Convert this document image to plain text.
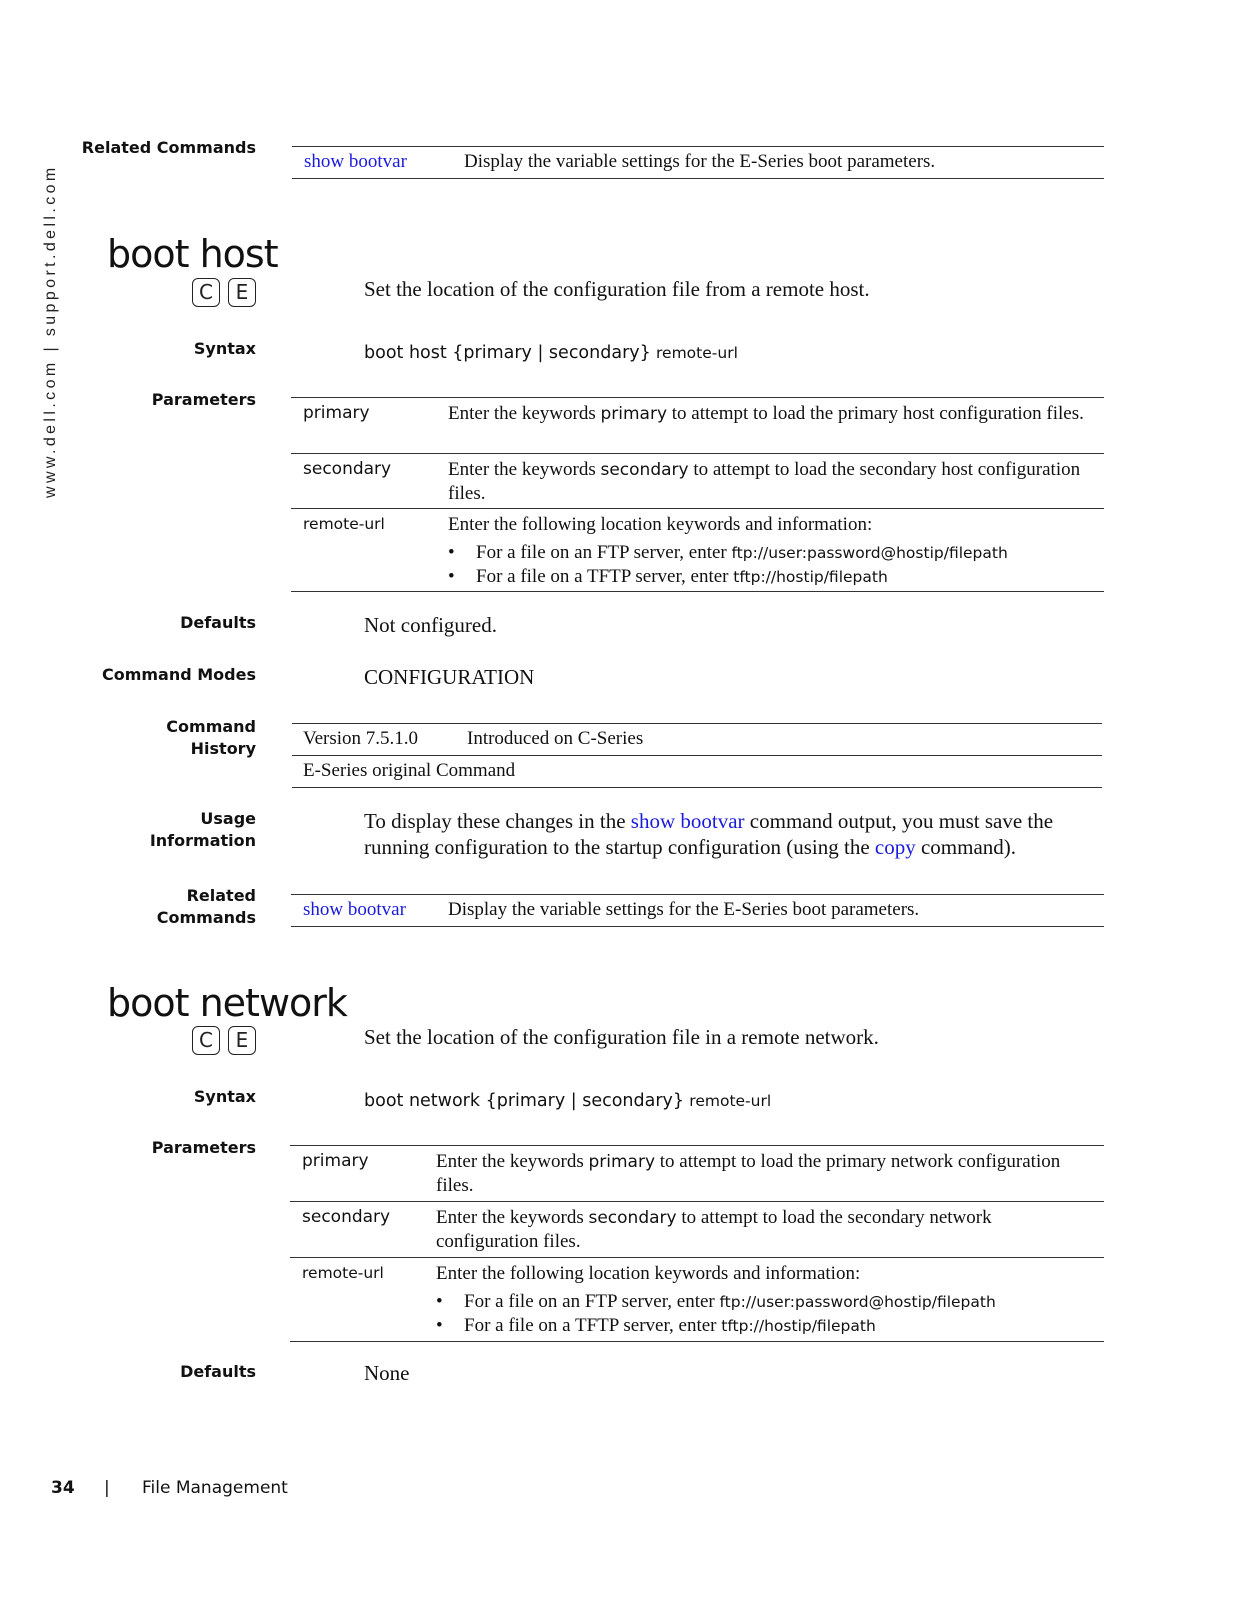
www.dell.com | support.dell.com
Related Commands
show bootvar	Display the variable settings for the E-Series boot parameters.
boot host
C	E	Set the location of the configuration file from a remote host.
Syntax	boot host {primary | secondary} remote-url
Parameters
primary	Enter the keywords primary to attempt to load the primary host configuration files.
secondary	Enter the keywords secondary to attempt to load the secondary host configuration files.
remote-url	Enter the following location keywords and information:
• For a file on an FTP server, enter ftp://user:password@hostip/filepath
• For a file on a TFTP server, enter tftp://hostip/filepath
Defaults	Not configured.
Command Modes	CONFIGURATION
Command History Version 7.5.1.0	Introduced on C-Series
E-Series original Command
Usage Information
To display these changes in the show bootvar command output, you must save the running configuration to the startup configuration (using the copy command).
Related Commands show bootvar Display the variable settings for the E-Series boot parameters.
boot network
C	E	Set the location of the configuration file in a remote network.
Syntax	boot network {primary | secondary} remote-url
Parameters
primary	Enter the keywords primary to attempt to load the primary network configuration files.
secondary Enter the keywords secondary to attempt to load the secondary network configuration files.
remote-url	Enter the following location keywords and information:
• For a file on an FTP server, enter ftp://user:password@hostip/filepath
• For a file on a TFTP server, enter tftp://hostip/filepath
Defaults	None
34 | File Management
